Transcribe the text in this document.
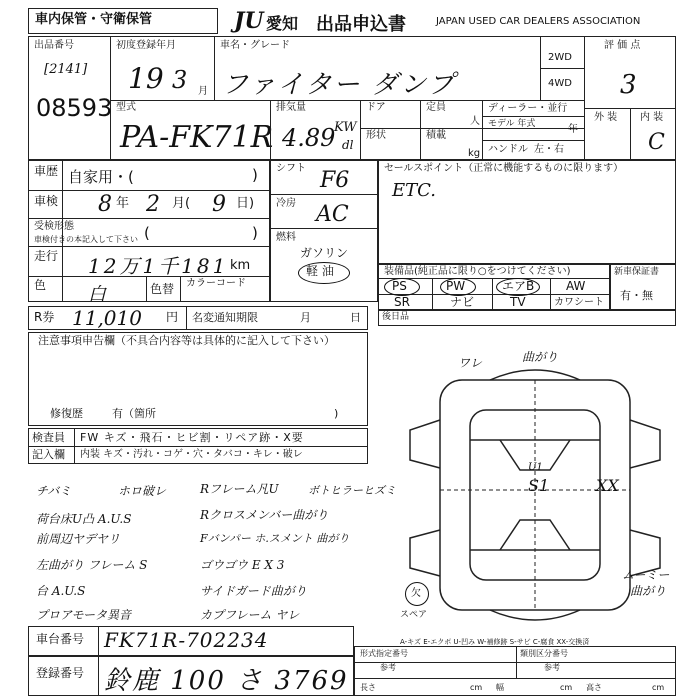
車内保管・守衛保管	JU 愛知 出品申込書	JAPAN USED CAR DEALERS ASSOCIATION
出品番号
[2141]
08593
初度登録年月
19 3 月
車名・グレード
ファイター ダンプ
2WD
4WD
評 価 点
3
外 装 内 装
C
型式
PA-FK71R
排気量
4.89
KW
dl
ドア
形状
定員
人
積載
kg
ディーラー・並行
モデル 年式	年
ハンドル 左・右
車歴 自家用・(	)
車検 8 年 2 月( 9 日)
受検形態
車検付きの本記入して下さい (	)
走行 12万1千181 km
色 白	色替 カラーコード
シフト F6
冷房 AC
燃料
ガソリン
軽 油
セールスポイント（正常に機能するものに限ります）
ETC.
装備品(純正品に限り○をつけてください)
PS	PW	エアB	AW
SR	ナビ	TV	カワシート
新車保証書
有・無
R券 11,010 円 名変通知期限	月	日
注意事項申告欄（不具合内容等は具体的に記入して下さい）
修復歴	有（箇所	)
検査員
記入欄
FW キズ・飛石・ヒビ割・リペア跡・X要
内装 キズ・汚れ・コゲ・穴・タバコ・キレ・破レ
後日品
チバミ	ホロ破レ	Rフレーム凡U	ボトヒラーヒズミ
荷台床U凸 A.U.S	Rクロスメンバー曲がり
前周辺ヤデヤリ	Fバンパー ホ.スメント 曲がり
左曲がり フレーム S	ゴウゴウ E X 3
台 A.U.S	サイドガード曲がり
プロアモータ異音	カプフレーム ヤレ
ワレ	曲がり
U1
S1	XX
ムーミー
曲がり
欠
スペア
A-キズ E-エクボ U-凹み W-補修跡 S-サビ C-腐食 XX-交換済
車台番号 FK71R-702234
登録番号 鈴鹿 100 さ 3769
形式指定番号
参考
類別区分番号
参考
長さ	cm 幅	cm 高さ	cm
